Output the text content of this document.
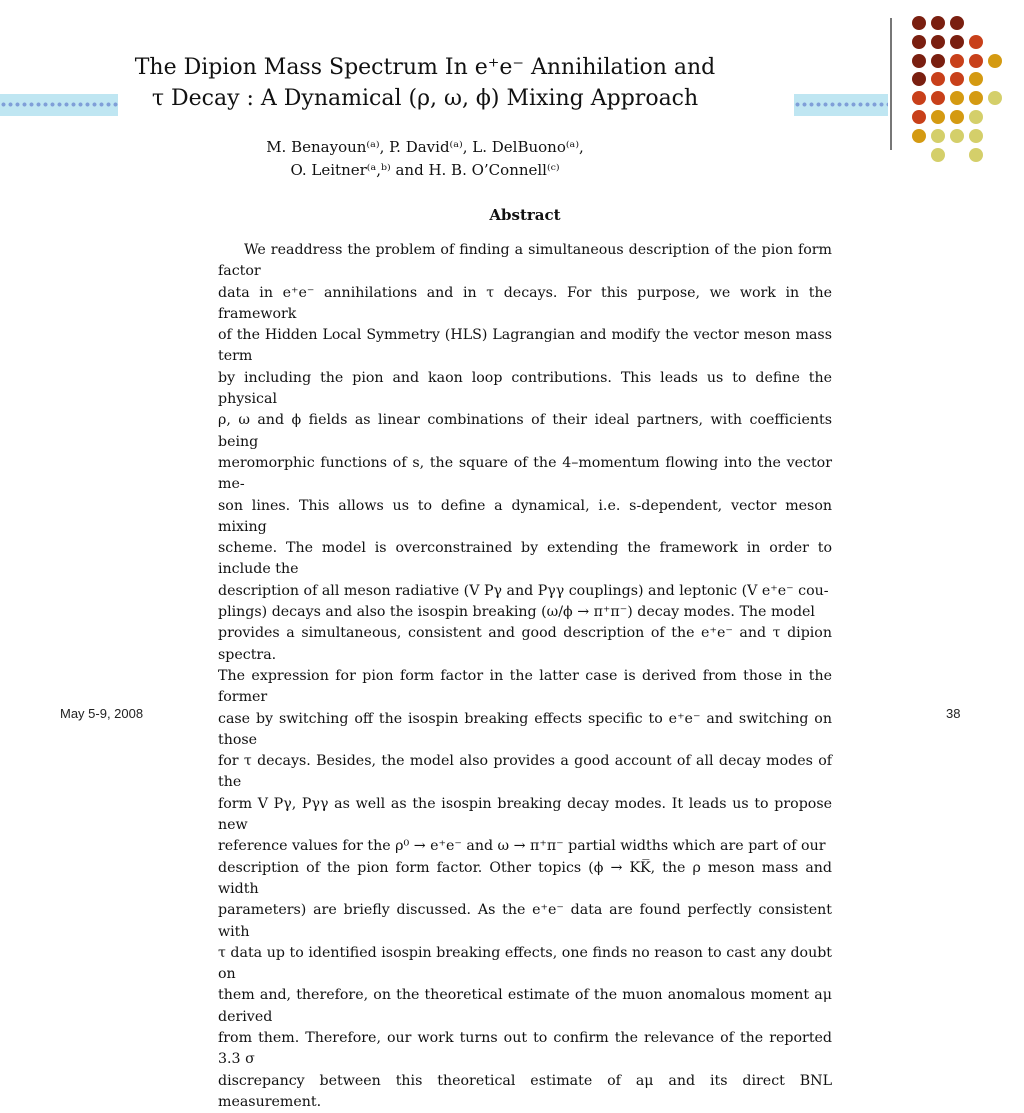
The Dipion Mass Spectrum In e⁺e⁻ Annihilation and
τ Decay : A Dynamical (ρ, ω, ϕ) Mixing Approach
M. Benayoun⁽ᵃ⁾, P. David⁽ᵃ⁾, L. DelBuono⁽ᵃ⁾,
O. Leitner⁽ᵃ,ᵇ⁾ and H. B. O’Connell⁽ᶜ⁾
Abstract
We readdress the problem of finding a simultaneous description of the pion form factor
data in e⁺e⁻ annihilations and in τ decays. For this purpose, we work in the framework
of the Hidden Local Symmetry (HLS) Lagrangian and modify the vector meson mass term
by including the pion and kaon loop contributions. This leads us to define the physical
ρ, ω and ϕ fields as linear combinations of their ideal partners, with coefficients being
meromorphic functions of s, the square of the 4–momentum flowing into the vector me-
son lines. This allows us to define a dynamical, i.e. s-dependent, vector meson mixing
scheme. The model is overconstrained by extending the framework in order to include the
description of all meson radiative (V Pγ and Pγγ couplings) and leptonic (V e⁺e⁻ cou-
plings) decays and also the isospin breaking (ω/ϕ → π⁺π⁻) decay modes. The model
provides a simultaneous, consistent and good description of the e⁺e⁻ and τ dipion spectra.
The expression for pion form factor in the latter case is derived from those in the former
case by switching off the isospin breaking effects specific to e⁺e⁻ and switching on those
for τ decays. Besides, the model also provides a good account of all decay modes of the
form V Pγ, Pγγ as well as the isospin breaking decay modes. It leads us to propose new
reference values for the ρ⁰ → e⁺e⁻ and ω → π⁺π⁻ partial widths which are part of our
description of the pion form factor. Other topics (ϕ → KK̅, the ρ meson mass and width
parameters) are briefly discussed. As the e⁺e⁻ data are found perfectly consistent with
τ data up to identified isospin breaking effects, one finds no reason to cast any doubt on
them and, therefore, on the theoretical estimate of the muon anomalous moment aμ derived
from them. Therefore, our work turns out to confirm the relevance of the reported 3.3 σ
discrepancy between this theoretical estimate of aμ and its direct BNL measurement.
May 5-9, 2008	38
